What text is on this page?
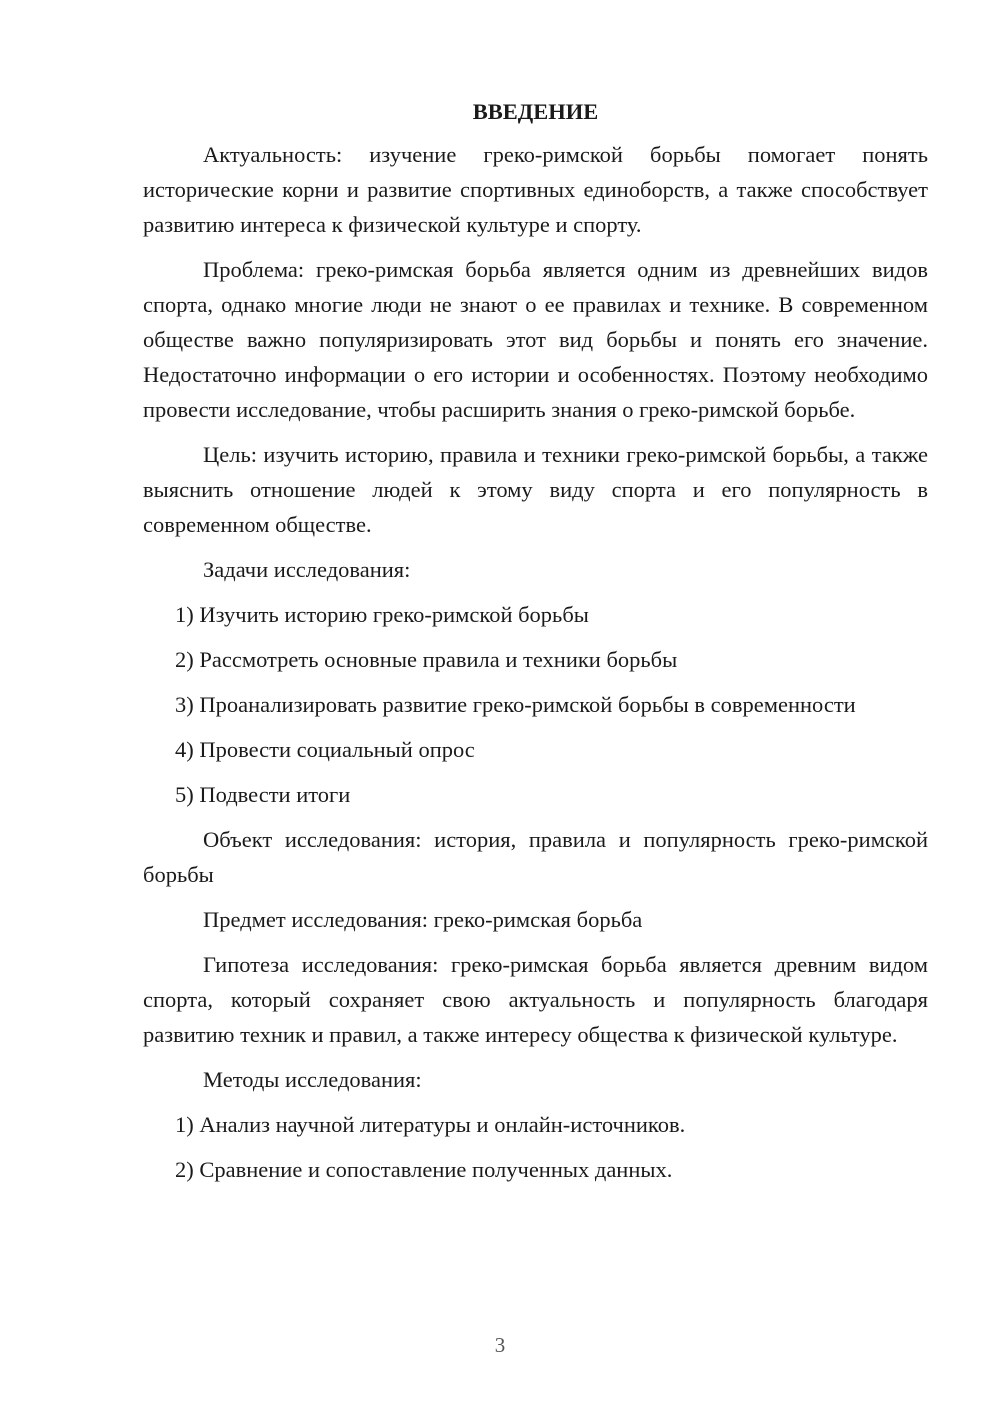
ВВЕДЕНИЕ

Актуальность: изучение греко-римской борьбы помогает понять исторические корни и развитие спортивных единоборств, а также способствует развитию интереса к физической культуре и спорту.

Проблема: греко-римская борьба является одним из древнейших видов спорта, однако многие люди не знают о ее правилах и технике. В современном обществе важно популяризировать этот вид борьбы и понять его значение. Недостаточно информации о его истории и особенностях. Поэтому необходимо провести исследование, чтобы расширить знания о греко-римской борьбе.

Цель: изучить историю, правила и техники греко-римской борьбы, а также выяснить отношение людей к этому виду спорта и его популярность в современном обществе.

Задачи исследования:

1) Изучить историю греко-римской борьбы

2) Рассмотреть основные правила и техники борьбы

3) Проанализировать развитие греко-римской борьбы в современности

4) Провести социальный опрос

5) Подвести итоги

Объект исследования: история, правила и популярность греко-римской борьбы

Предмет исследования: греко-римская борьба

Гипотеза исследования: греко-римская борьба является древним видом спорта, который сохраняет свою актуальность и популярность благодаря развитию техник и правил, а также интересу общества к физической культуре.

Методы исследования:

1) Анализ научной литературы и онлайн-источников.

2) Сравнение и сопоставление полученных данных.

3
